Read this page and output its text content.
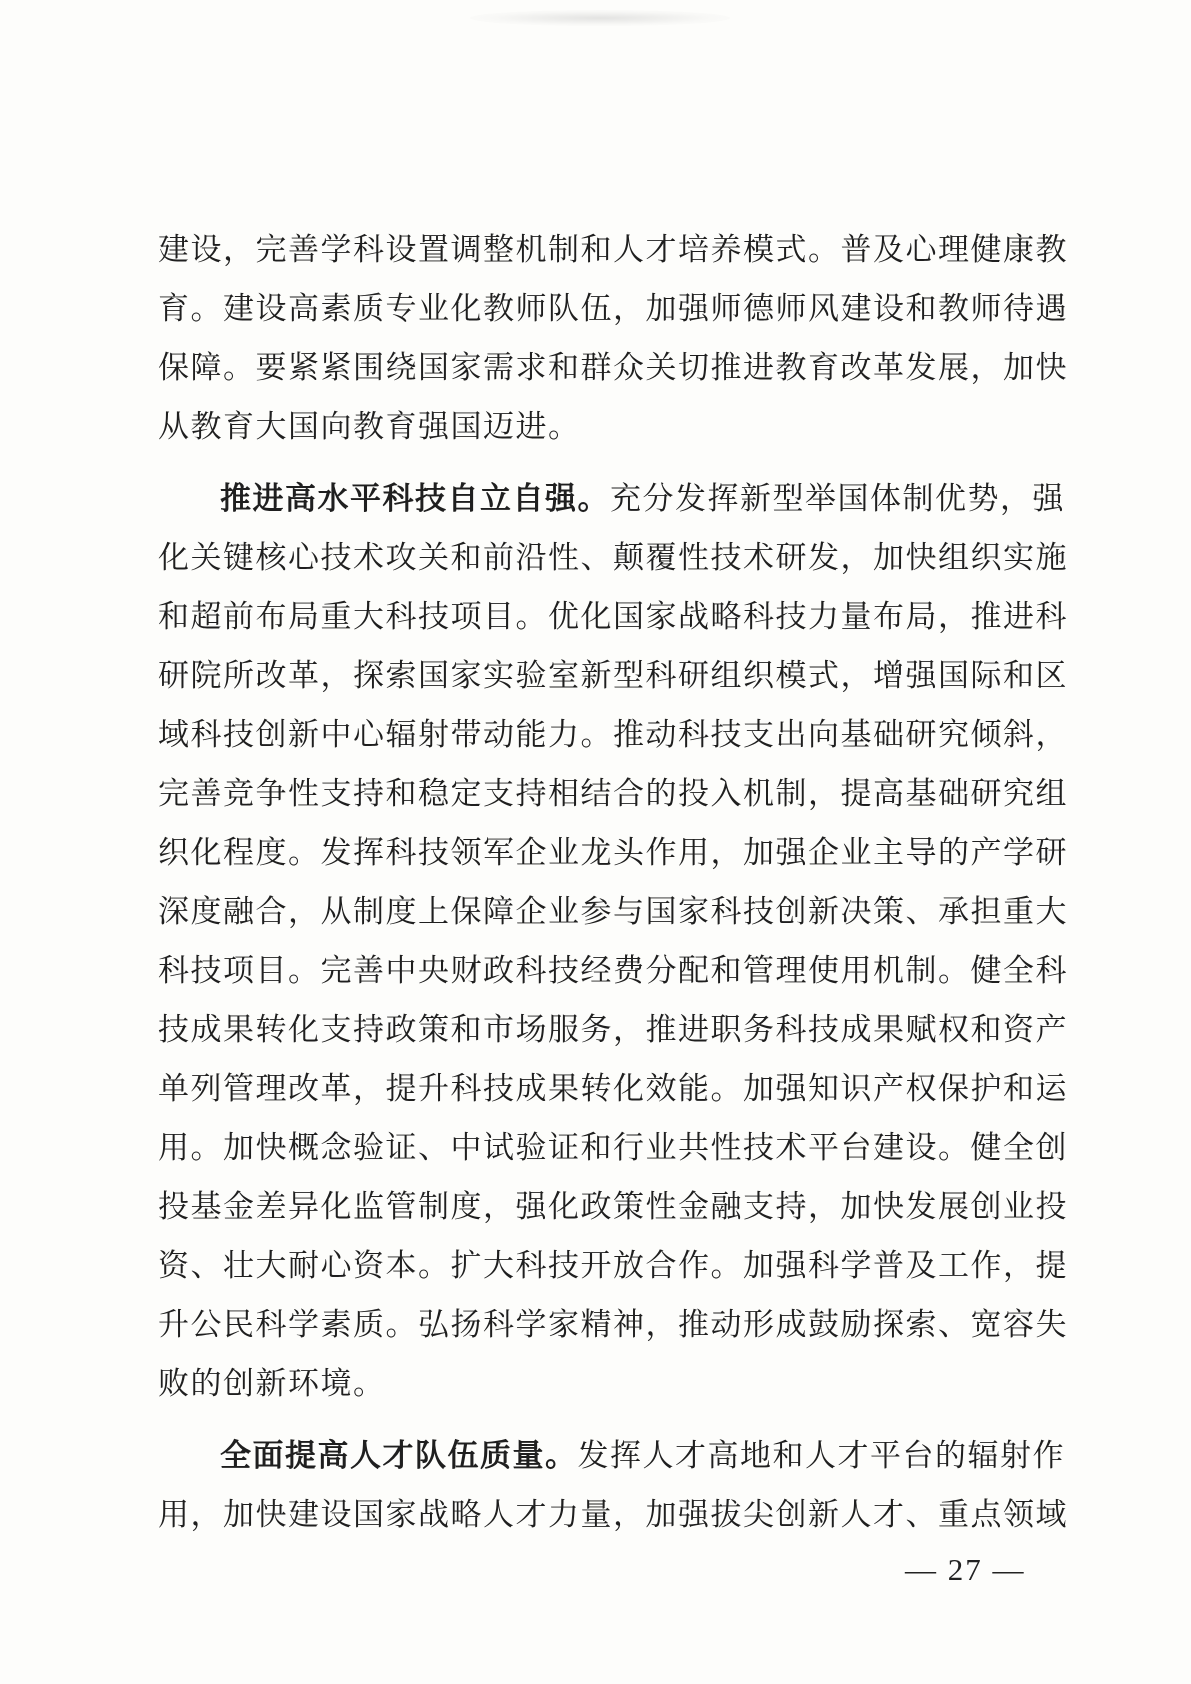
建设，完善学科设置调整机制和人才培养模式。普及心理健康教
育。建设高素质专业化教师队伍，加强师德师风建设和教师待遇
保障。要紧紧围绕国家需求和群众关切推进教育改革发展，加快
从教育大国向教育强国迈进。
推进高水平科技自立自强。充分发挥新型举国体制优势，强
化关键核心技术攻关和前沿性、颠覆性技术研发，加快组织实施
和超前布局重大科技项目。优化国家战略科技力量布局，推进科
研院所改革，探索国家实验室新型科研组织模式，增强国际和区
域科技创新中心辐射带动能力。推动科技支出向基础研究倾斜，
完善竞争性支持和稳定支持相结合的投入机制，提高基础研究组
织化程度。发挥科技领军企业龙头作用，加强企业主导的产学研
深度融合，从制度上保障企业参与国家科技创新决策、承担重大
科技项目。完善中央财政科技经费分配和管理使用机制。健全科
技成果转化支持政策和市场服务，推进职务科技成果赋权和资产
单列管理改革，提升科技成果转化效能。加强知识产权保护和运
用。加快概念验证、中试验证和行业共性技术平台建设。健全创
投基金差异化监管制度，强化政策性金融支持，加快发展创业投
资、壮大耐心资本。扩大科技开放合作。加强科学普及工作，提
升公民科学素质。弘扬科学家精神，推动形成鼓励探索、宽容失
败的创新环境。
全面提高人才队伍质量。发挥人才高地和人才平台的辐射作
用，加快建设国家战略人才力量，加强拔尖创新人才、重点领域
— 27 —
